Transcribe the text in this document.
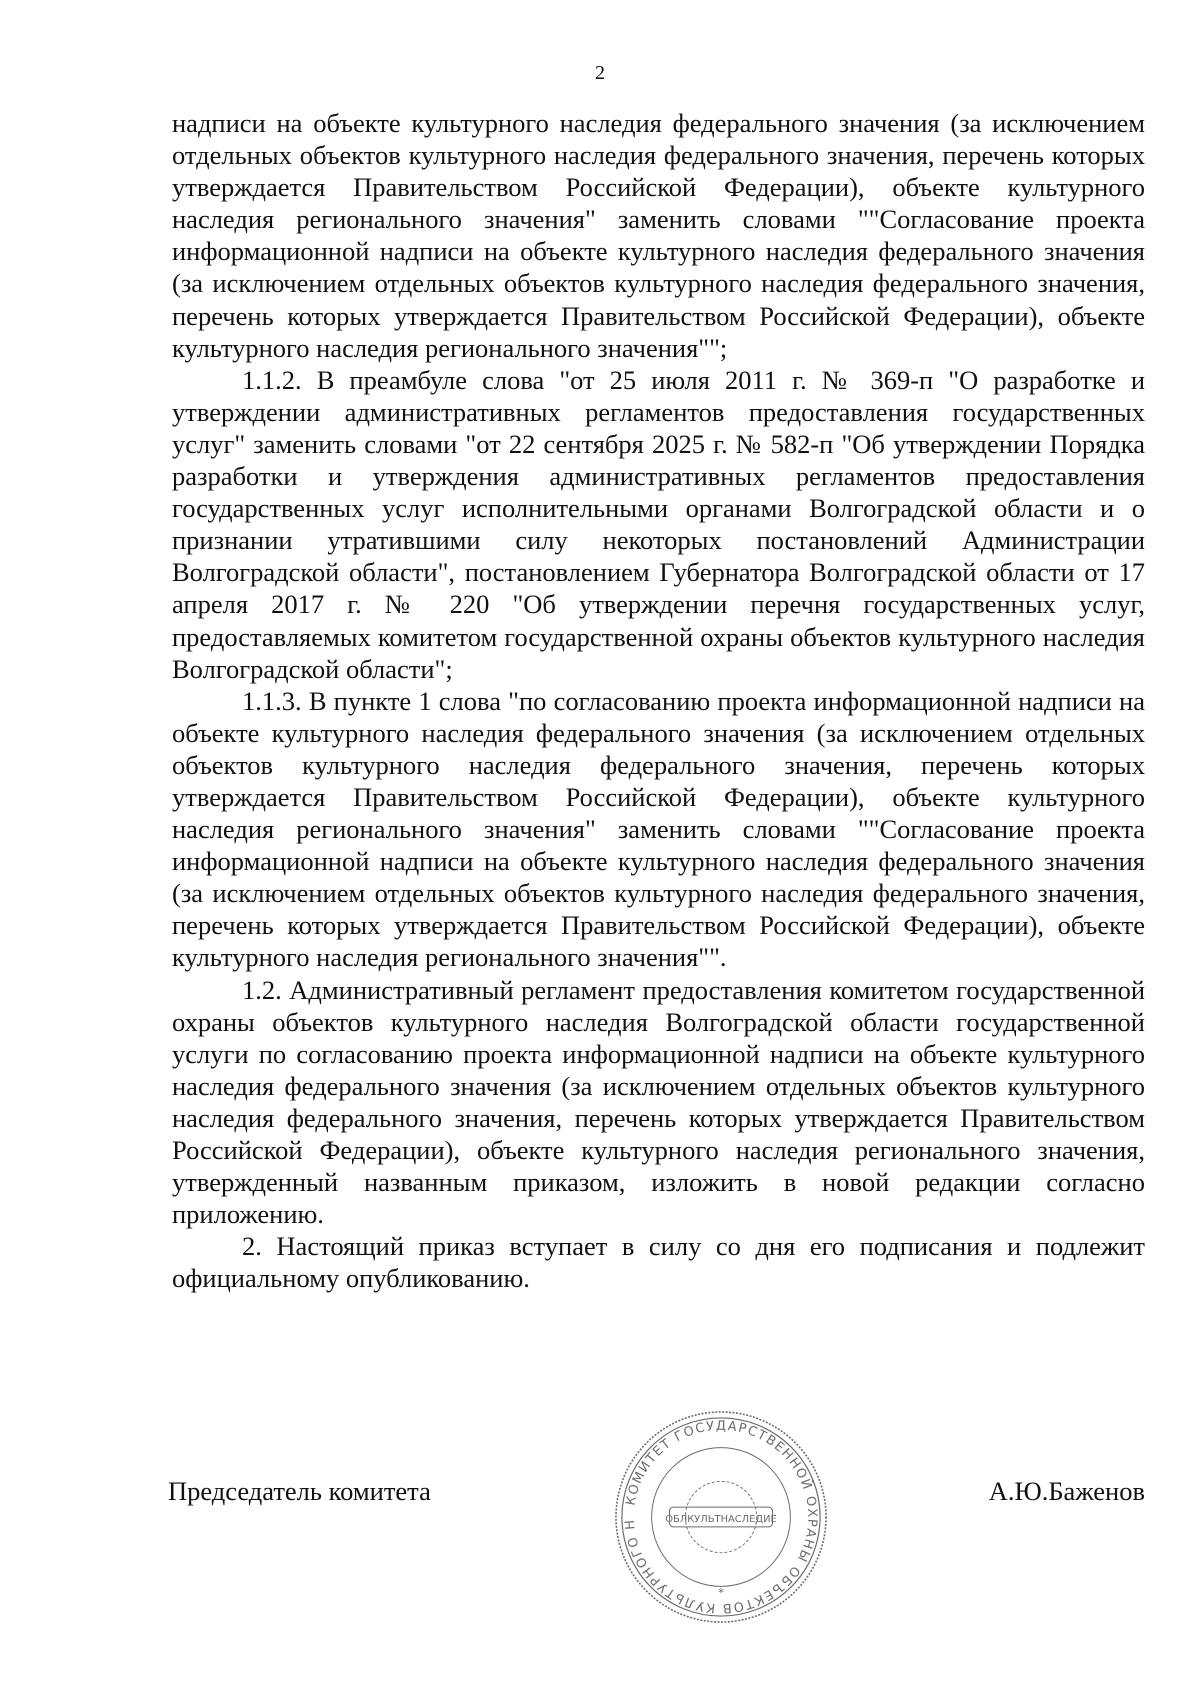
2

надписи на объекте культурного наследия федерального значения (за исключением отдельных объектов культурного наследия федерального значения, перечень которых утверждается Правительством Российской Федерации), объекте культурного наследия регионального значения" заменить словами ""Согласование проекта информационной надписи на объекте культурного наследия федерального значения (за исключением отдельных объектов культурного наследия федерального значения, перечень которых утверждается Правительством Российской Федерации), объекте культурного наследия регионального значения"";

1.1.2. В преамбуле слова "от 25 июля 2011 г. № 369-п "О разработке и утверждении административных регламентов предоставления государственных услуг" заменить словами "от 22 сентября 2025 г. № 582-п "Об утверждении Порядка разработки и утверждения административных регламентов предоставления государственных услуг исполнительными органами Волгоградской области и о признании утратившими силу некоторых постановлений Администрации Волгоградской области", постановлением Губернатора Волгоградской области от 17 апреля 2017 г. № 220 "Об утверждении перечня государственных услуг, предоставляемых комитетом государственной охраны объектов культурного наследия Волгоградской области";

1.1.3. В пункте 1 слова "по согласованию проекта информационной надписи на объекте культурного наследия федерального значения (за исключением отдельных объектов культурного наследия федерального значения, перечень которых утверждается Правительством Российской Федерации), объекте культурного наследия регионального значения" заменить словами ""Согласование проекта информационной надписи на объекте культурного наследия федерального значения (за исключением отдельных объектов культурного наследия федерального значения, перечень которых утверждается Правительством Российской Федерации), объекте культурного наследия регионального значения"".

1.2. Административный регламент предоставления комитетом государственной охраны объектов культурного наследия Волгоградской области государственной услуги по согласованию проекта информационной надписи на объекте культурного наследия федерального значения (за исключением отдельных объектов культурного наследия федерального значения, перечень которых утверждается Правительством Российской Федерации), объекте культурного наследия регионального значения, утвержденный названным приказом, изложить в новой редакции согласно приложению.

2. Настоящий приказ вступает в силу со дня его подписания и подлежит официальному опубликованию.

Председатель комитета	А.Ю.Баженов
КОМИТЕТ ГОСУДАРСТВЕННОЙ ОХРАНЫ ОБЪЕКТОВ КУЛЬТУРНОГО Н	ОБЛКУЛЬТНАСЛЕДИЕ
*
